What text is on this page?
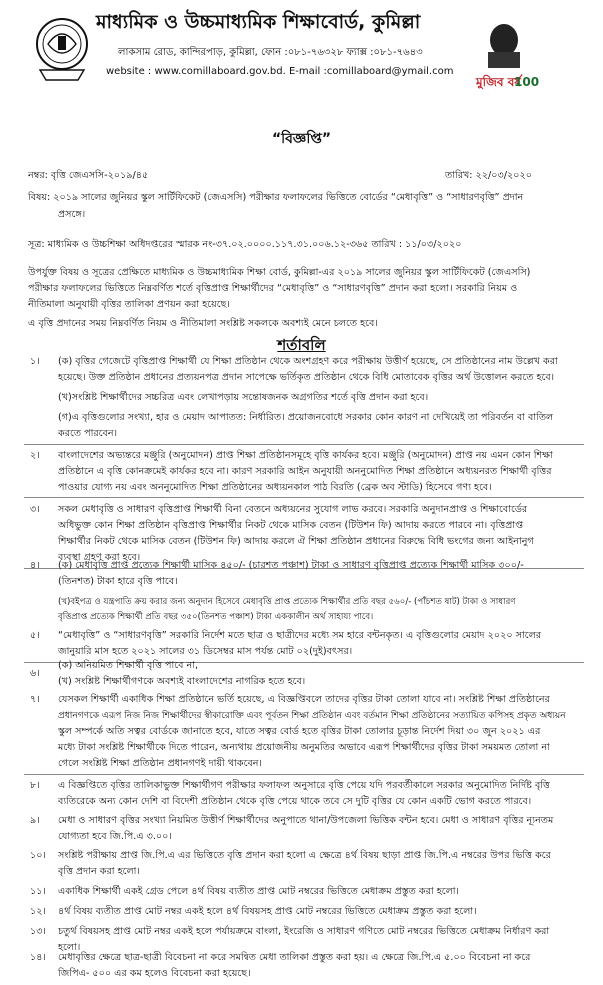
মাধ্যমিক ও উচ্চমাধ্যমিক শিক্ষাবোর্ড, কুমিল্লা
লাকসাম রোড, কান্দিরপাড়, কুমিল্লা, ফোন :০৮১-৭৬৩২৮ ফ্যাক্স :০৮১-৭৬৪৩
website : www.comillaboard.gov.bd. E-mail :comillaboard@ymail.com
মুজিব বর্ষ
100
“বিজ্ঞপ্তি”
নম্বর: বৃত্তি জেএসসি-২০১৯/৪৫	তারিখ: ২২/০৩/২০২০
বিষয়: ২০১৯ সালের জুনিয়র স্কুল সার্টিফিকেট (জেএসসি) পরীক্ষার ফলাফলের ভিত্তিতে বোর্ডের “মেধাবৃত্তি” ও “সাধারণবৃত্তি” প্রদান
প্রসঙ্গে।
সূত্র: মাধ্যমিক ও উচ্চশিক্ষা অধিদপ্তরের স্মারক নং-৩৭.০২.০০০০.১১৭.৩১.০০৬.১২-৩৬৫ তারিখ : ১১/০৩/২০২০
উপর্যুক্ত বিষয় ও সূত্রের প্রেক্ষিতে মাধ্যমিক ও উচ্চমাধ্যমিক শিক্ষা বোর্ড, কুমিল্লা-এর ২০১৯ সালের জুনিয়র স্কুল সার্টিফিকেট (জেএসসি)
পরীক্ষার ফলাফলের ভিত্তিতে নিম্নবর্ণিত শর্তে বৃত্তিপ্রাপ্ত শিক্ষার্থীদের “মেধাবৃত্তি” ও “সাধারণবৃত্তি” প্রদান করা হলো। সরকারি নিয়ম ও
নীতিমালা অনুযায়ী বৃত্তির তালিকা প্রণয়ন করা হয়েছে।
এ বৃত্তি প্রদানের সময় নিম্নবর্ণিত নিয়ম ও নীতিমালা সংশ্লিষ্ট সকলকে অবশ্যই মেনে চলতে হবে।
শর্তাবলি
১। (ক) বৃত্তির গেজেটে বৃত্তিপ্রাপ্ত শিক্ষার্থী যে শিক্ষা প্রতিষ্ঠান থেকে অংশগ্রহণ করে পরীক্ষায় উত্তীর্ণ হয়েছে, সে প্রতিষ্ঠানের নাম উল্লেখ করা
হয়েছে। উক্ত প্রতিষ্ঠান প্রধানের প্রত্যয়নপত্র প্রদান সাপেক্ষে ভর্তিকৃত প্রতিষ্ঠান থেকে বিধি মোতাবেক বৃত্তির অর্থ উত্তোলন করতে হবে।
(খ)সংশ্লিষ্ট শিক্ষার্থীদের সচ্চরিত্র এবং লেখাপড়ায় সন্তোষজনক অগ্রগতির শর্তে বৃত্তি প্রদান করা হবে।
(গ)এ বৃত্তিগুলোর সংখ্যা, হার ও মেয়াদ আপাতত: নির্ধারিত। প্রয়োজনবোধে সরকার কোন কারণ না দেখিয়েই তা পরিবর্তন বা বাতিল
করতে পারবেন।
২। বাংলাদেশের অভ্যন্তরে মঞ্জুরি (অনুমোদন) প্রাপ্ত শিক্ষা প্রতিষ্ঠানসমূহে বৃত্তি কার্যকর হবে। মঞ্জুরি (অনুমোদন) প্রাপ্ত নয় এমন কোন শিক্ষা
প্রতিষ্ঠানে এ বৃত্তি কোনক্রমেই কার্যকর হবে না। কারণ সরকারি আইন অনুযায়ী অননুমোদিত শিক্ষা প্রতিষ্ঠানে অধ্যয়নরত শিক্ষার্থী বৃত্তির
পাওয়ার যোগ্য নয় এবং অননুমোদিত শিক্ষা প্রতিষ্ঠানের অধ্যয়নকাল পাঠ বিরতি (ব্রেক অব স্টাডি) হিসেবে গণ্য হবে।
৩। সকল মেধাবৃত্তি ও সাধারণ বৃত্তিপ্রাপ্ত শিক্ষার্থী বিনা বেতনে অধ্যয়নের সুযোগ লাভ করবে। সরকারি অনুদানপ্রাপ্ত ও শিক্ষাবোর্ডের
অধিভুক্ত কোন শিক্ষা প্রতিষ্ঠান বৃত্তিপ্রাপ্ত শিক্ষার্থীর নিকট থেকে মাসিক বেতন (টিউশন ফি) আদায় করতে পারবে না। বৃত্তিপ্রাপ্ত
শিক্ষার্থীর নিকট থেকে মাসিক বেতন (টিউশন ফি) আদায় করলে ঐ শিক্ষা প্রতিষ্ঠান প্রধানের বিরুদ্ধে বিধি ভংগের জন্য আইনানুগ
ব্যবস্থা গ্রহণ করা হবে।
৪। (ক) মেধাবৃত্তি প্রাপ্ত প্রত্যেক শিক্ষার্থী মাসিক ৪৫০/- (চারশত পঞ্চাশ) টাকা ও সাধারণ বৃত্তিপ্রাপ্ত প্রত্যেক শিক্ষার্থী মাসিক ৩০০/-
(তিনশত) টাকা হারে বৃত্তি পাবে।
(খ)বইপত্র ও যন্ত্রপাতি ক্রয় করার জন্য অনুদান হিসেবে মেধাবৃত্তি প্রাপ্ত প্রত্যেক শিক্ষার্থীর প্রতি বছর ৫৬০/- (পাঁচশত ষাট) টাকা ও সাধারণ
বৃত্তিপ্রাপ্ত প্রত্যেক শিক্ষার্থী প্রতি বছর ৩৫০(তিনশত পঞ্চাশ) টাকা এককালীন অর্থ সাহায্য পাবে।
৫। “মেধাবৃত্তি” ও “সাধারণবৃত্তি” সরকারি নির্দেশ মতে ছাত্র ও ছাত্রীদের মধ্যে সম হারে বন্টনকৃত। এ বৃত্তিগুলোর মেয়াদ ২০২০ সালের
জানুয়ারি মাস হতে ২০২১ সালের ৩১ ডিসেম্বর মাস পর্যন্ত মোট ০২(দুই)বৎসর।
৬।
(ক) অনিয়মিত শিক্ষার্থী বৃত্তি পাবে না,
(খ) সংশ্লিষ্ট শিক্ষার্থীগণকে অবশ্যই বাংলাদেশের নাগরিক হতে হবে।
৭। যেসকল শিক্ষার্থী একাধিক শিক্ষা প্রতিষ্ঠানে ভর্তি হয়েছে, এ বিজ্ঞপ্তিবলে তাদের বৃত্তির টাকা তোলা যাবে না। সংশ্লিষ্ট শিক্ষা প্রতিষ্ঠানের
প্রধানগণকে এরূপ নিজ নিজ শিক্ষার্থীদের স্বীকারোক্তি এবং পূর্বতন শিক্ষা প্রতিষ্ঠান এবং বর্তমান শিক্ষা প্রতিষ্ঠানের সত্যায়িত কপিসহ প্রকৃত অধ্যয়ন
স্কুল সম্পর্কে অতি সত্বর বোর্ডকে জানাতে হবে, যাতে সত্বর বোর্ড হতে বৃত্তির টাকা তোলার চূড়ান্ত নির্দেশ দিয়া ৩০ জুন ২০২১ এর
মধ্যে টাকা সংশ্লিষ্ট শিক্ষার্থীকে দিতে পারেন, অন্যথায় প্রয়োজনীয় অনুমতির অভাবে এরূপ শিক্ষার্থীদের বৃত্তির টাকা সময়মত তোলা না
গেলে সংশ্লিষ্ট শিক্ষা প্রতিষ্ঠান প্রধানগণই দায়ী থাকবেন।
৮। এ বিজ্ঞপ্তিতে বৃত্তির তালিকাভুক্ত শিক্ষার্থীগণ পরীক্ষার ফলাফল অনুসারে বৃত্তি পেয়ে যদি পরবর্তীকালে সরকার অনুমোদিত নির্দিষ্ট বৃত্তি
ব্যতিরেকে অন্য কোন দেশি বা বিদেশী প্রতিষ্ঠান থেকে বৃত্তি পেয়ে থাকে তবে সে দুটি বৃত্তির যে কোন একটি ভোগ করতে পারবে।
৯। মেধা ও সাধারণ বৃত্তির সংখ্যা নিয়মিত উত্তীর্ণ শিক্ষার্থীদের অনুপাতে থানা/উপজেলা ভিত্তিক বন্টন হবে। মেধা ও সাধারণ বৃত্তির ন্যূনতম
যোগ্যতা হবে জি.পি.এ ৩.০০।
১০। সংশ্লিষ্ট পরীক্ষায় প্রাপ্ত জি.পি.এ এর ভিত্তিতে বৃত্তি প্রদান করা হলো এ ক্ষেত্রে ৪র্থ বিষয় ছাড়া প্রাপ্ত জি.পি.এ নম্বরের উপর ভিত্তি করে
বৃত্তি প্রদান করা হলো।
১১। একাধিক শিক্ষার্থী একই গ্রেড পেলে ৪র্থ বিষয় ব্যতীত প্রাপ্ত মোট নম্বরের ভিত্তিতে মেধাক্রম প্রস্তুত করা হলো।
১২। ৪র্থ বিষয় ব্যতীত প্রাপ্ত মোট নম্বর একই হলে ৪র্থ বিষয়সহ প্রাপ্ত মোট নম্বরের ভিত্তিতে মেধাক্রম প্রস্তুত করা হলো।
১৩। চতুর্থ বিষয়সহ প্রাপ্ত মোট নম্বর একই হলে পর্যায়ক্রমে বাংলা, ইংরেজি ও সাধারণ গণিতে মোট নম্বরের ভিত্তিতে মেধাক্রম নির্ধারণ করা
হলো।
১৪। মেধাবৃত্তির ক্ষেত্রে ছাত্র-ছাত্রী বিবেচনা না করে সমন্বিত মেধা তালিকা প্রস্তুত করা হয়। এ ক্ষেত্রে জি.পি.এ ৫.০০ বিবেচনা না করে
জিপিএ- ৫০০ এর কম হলেও বিবেচনা করা হয়েছে।
